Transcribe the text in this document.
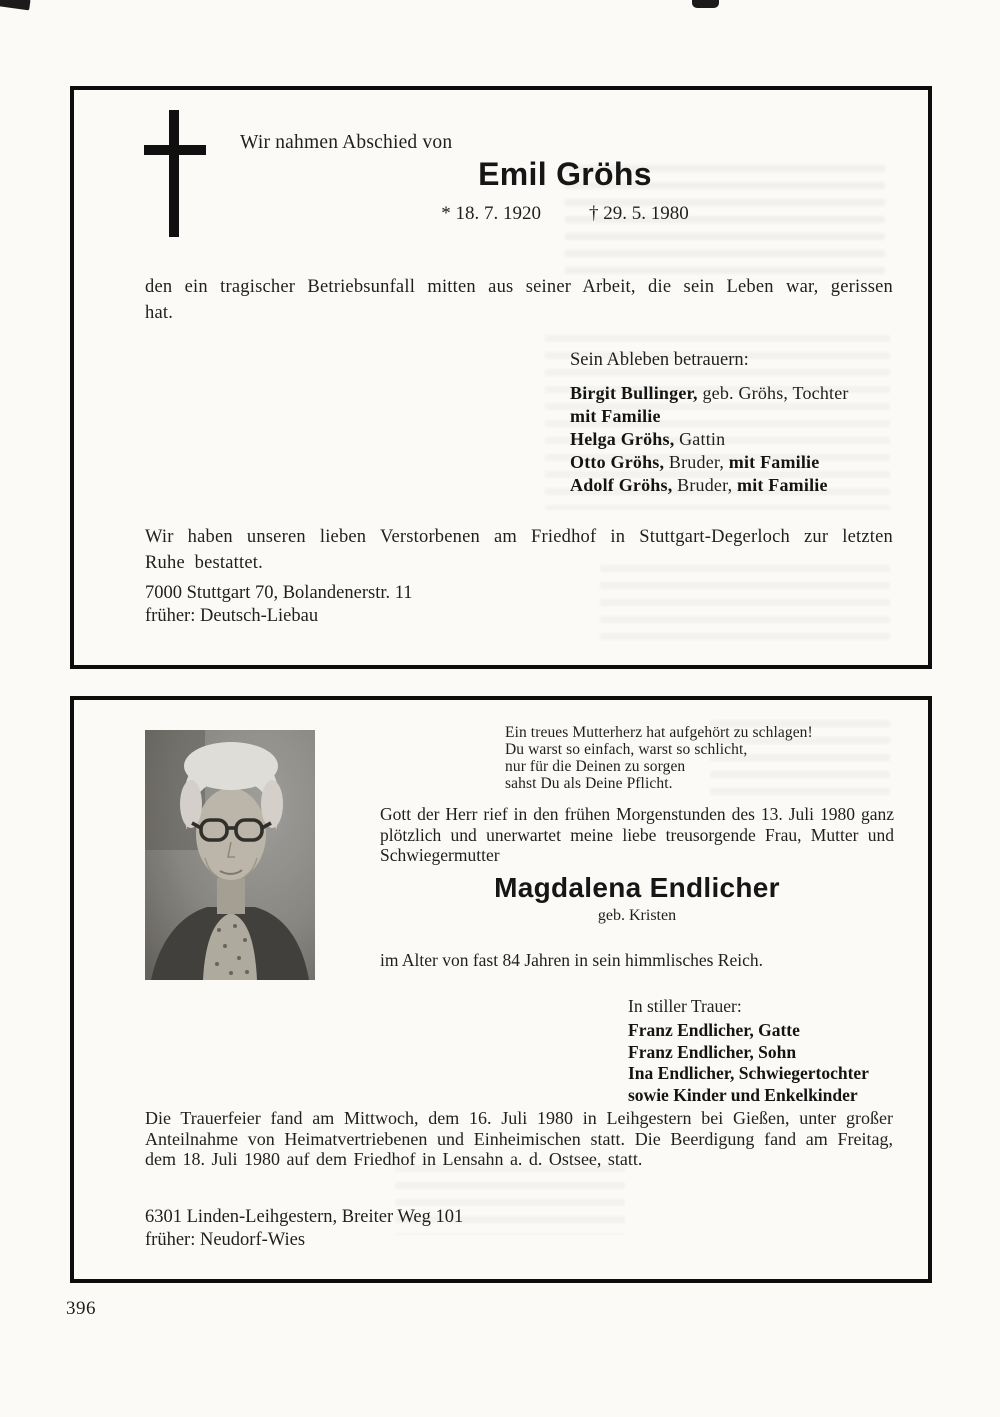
Wir nahmen Abschied von
Emil Gröhs
* 18. 7. 1920	† 29. 5. 1980
den ein tragischer Betriebsunfall mitten aus seiner Arbeit, die sein Leben war, gerissen hat.
Sein Ableben betrauern:
Birgit Bullinger, geb. Gröhs, Tochter
mit Familie
Helga Gröhs, Gattin
Otto Gröhs, Bruder, mit Familie
Adolf Gröhs, Bruder, mit Familie
Wir haben unseren lieben Verstorbenen am Friedhof in Stuttgart-Degerloch zur letzten Ruhe bestattet.
7000 Stuttgart 70, Bolandenerstr. 11
früher: Deutsch-Liebau
Ein treues Mutterherz hat aufgehört zu schlagen!
Du warst so einfach, warst so schlicht,
nur für die Deinen zu sorgen
sahst Du als Deine Pflicht.
Gott der Herr rief in den frühen Morgenstunden des 13. Juli 1980 ganz plötzlich und unerwartet meine liebe treusorgende Frau, Mutter und Schwiegermutter
Magdalena Endlicher
geb. Kristen
im Alter von fast 84 Jahren in sein himmlisches Reich.
In stiller Trauer:
Franz Endlicher, Gatte
Franz Endlicher, Sohn
Ina Endlicher, Schwiegertochter
sowie Kinder und Enkelkinder
Die Trauerfeier fand am Mittwoch, dem 16. Juli 1980 in Leihgestern bei Gießen, unter großer Anteilnahme von Heimatvertriebenen und Einheimischen statt. Die Beerdigung fand am Freitag, dem 18. Juli 1980 auf dem Friedhof in Lensahn a. d. Ostsee, statt.
6301 Linden-Leihgestern, Breiter Weg 101
früher: Neudorf-Wies
396
